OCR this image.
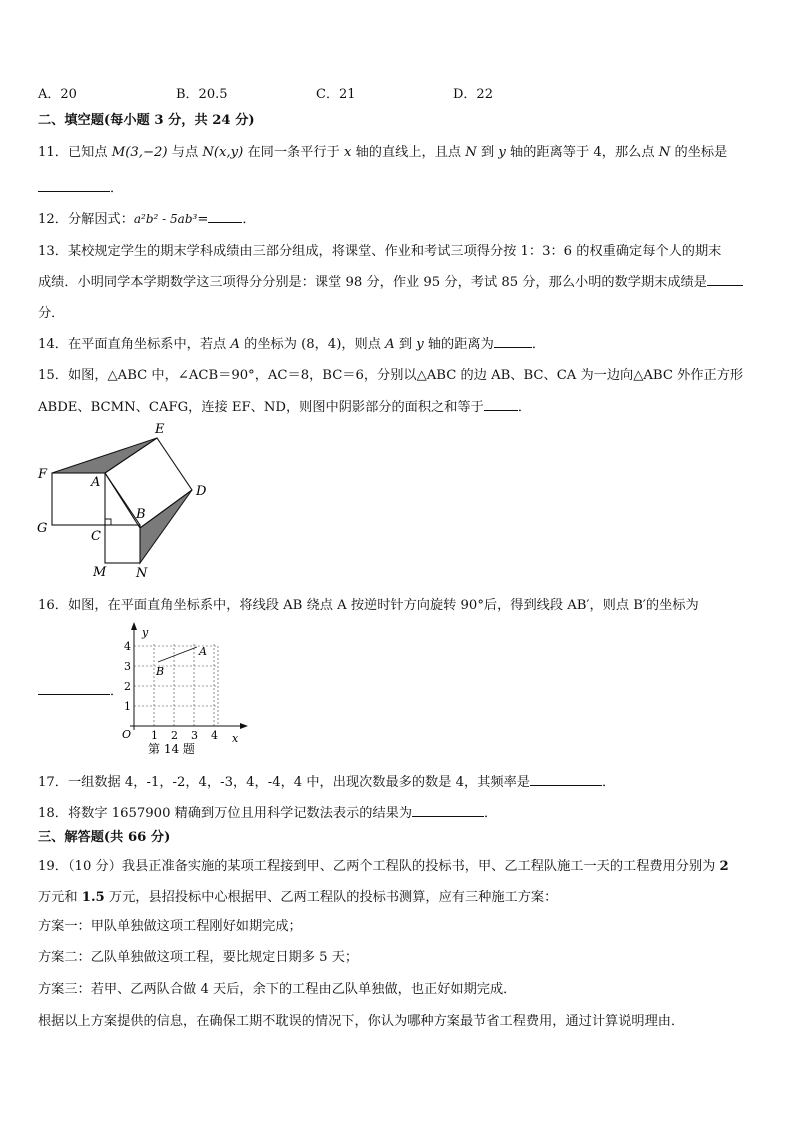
A．20	B．20.5	C．21	D．22
二、填空题(每小题 3 分，共 24 分)
11．已知点 M(3,−2) 与点 N(x,y) 在同一条平行于 x 轴的直线上，且点 N 到 y 轴的距离等于 4，那么点 N 的坐标是
．
12．分解因式：a²b² - 5ab³=	．
13．某校规定学生的期末学科成绩由三部分组成，将课堂、作业和考试三项得分按 1：3：6 的权重确定每个人的期末
成绩．小明同学本学期数学这三项得分分别是：课堂 98 分，作业 95 分，考试 85 分，那么小明的数学期末成绩是
分．
14．在平面直角坐标系中，若点 A 的坐标为 (8，4)，则点 A 到 y 轴的距离为	．
15．如图，△ABC 中，∠ACB＝90°，AC＝8，BC＝6，分别以△ABC 的边 AB、BC、CA 为一边向△ABC 外作正方形
ABDE、BCMN、CAFG，连接 EF、ND，则图中阴影部分的面积之和等于	．
E
F
A
D
G
B
C
M N
16．如图，在平面直角坐标系中，将线段 AB 绕点 A 按逆时针方向旋转 90°后，得到线段 AB′，则点 B′的坐标为
．
y
x
O
A
B
1 2 3 4
1
2
3
4
第 14 题
17．一组数据 4，-1，-2，4，-3，4，-4，4 中，出现次数最多的数是 4，其频率是	．
18．将数字 1657900 精确到万位且用科学记数法表示的结果为	．
三、解答题(共 66 分)
19．（10 分）我县正准备实施的某项工程接到甲、乙两个工程队的投标书，甲、乙工程队施工一天的工程费用分别为 2
万元和 1.5 万元，县招投标中心根据甲、乙两工程队的投标书测算，应有三种施工方案：
方案一：甲队单独做这项工程刚好如期完成；
方案二：乙队单独做这项工程，要比规定日期多 5 天；
方案三：若甲、乙两队合做 4 天后，余下的工程由乙队单独做，也正好如期完成．
根据以上方案提供的信息，在确保工期不耽误的情况下，你认为哪种方案最节省工程费用，通过计算说明理由．
